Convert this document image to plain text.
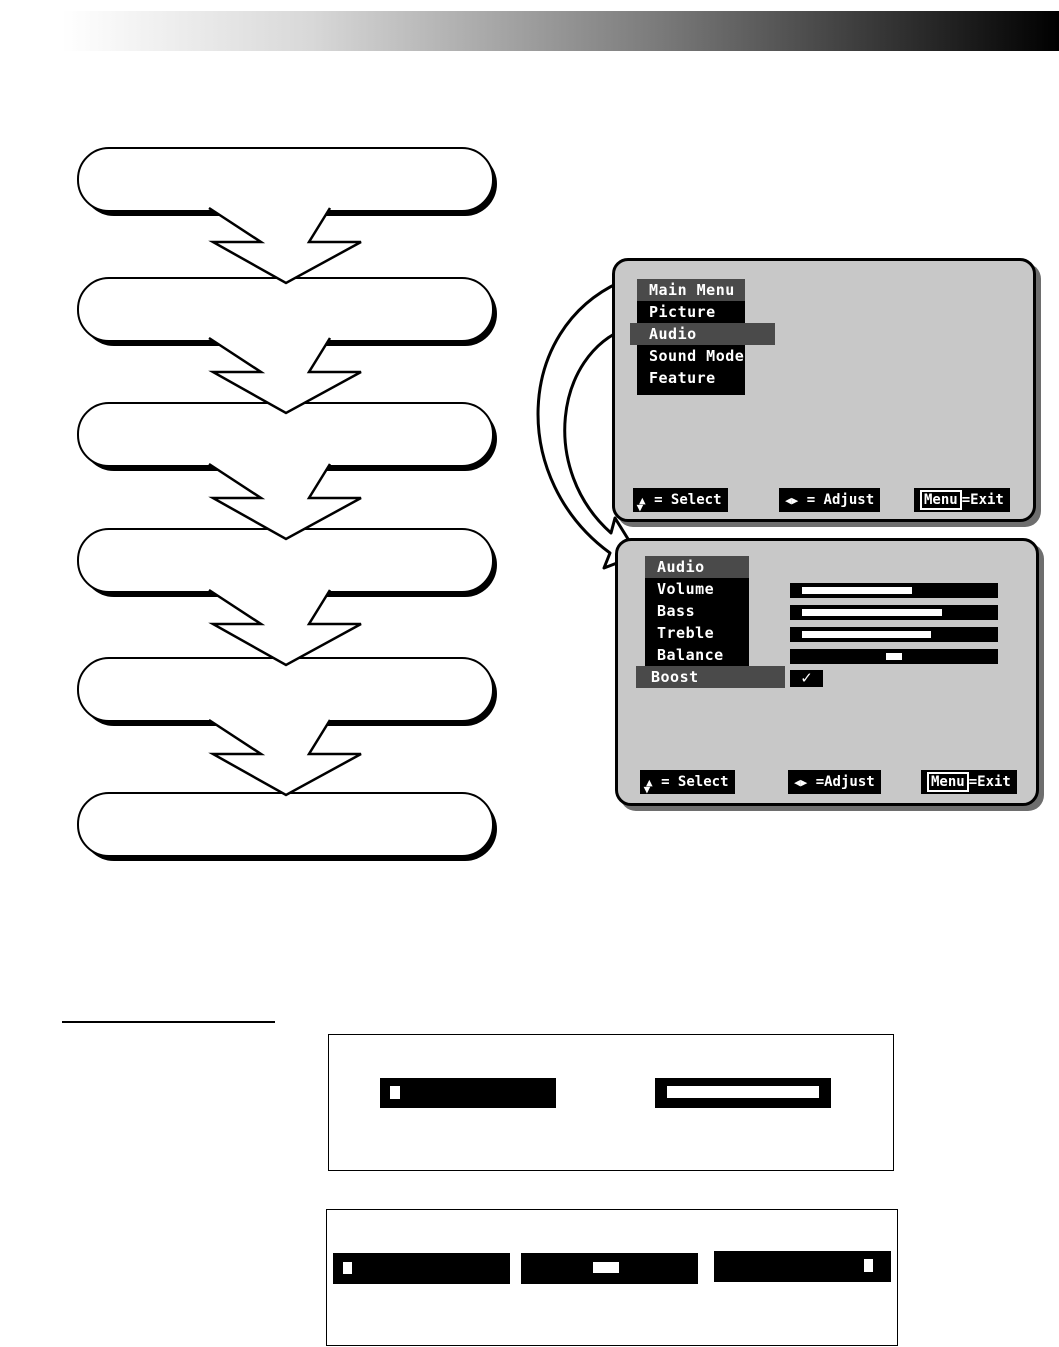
Main Menu
Picture
Audio
Sound Mode
Feature
▲▼ = Select	◀▶ = Adjust	Menu =Exit
Audio
Volume
Bass
Treble
Balance
Boost	✓
▲▼ = Select	◀▶ =Adjust	Menu =Exit
